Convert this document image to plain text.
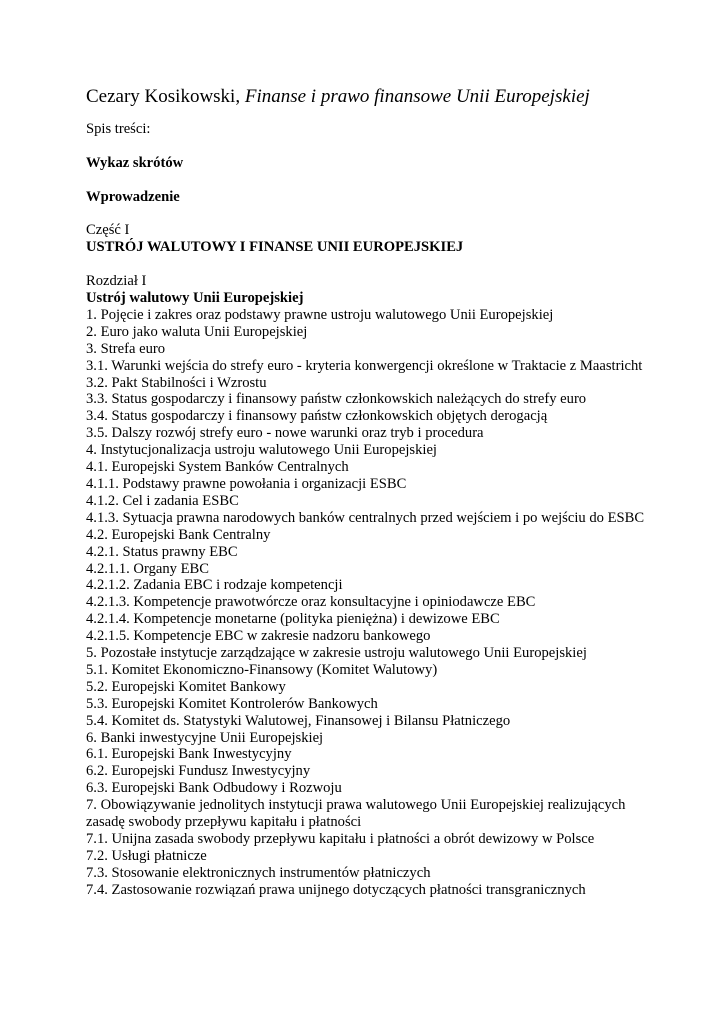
Cezary Kosikowski, Finanse i prawo finansowe Unii Europejskiej
Spis treści:
Wykaz skrótów
Wprowadzenie
Część I
USTRÓJ WALUTOWY I FINANSE UNII EUROPEJSKIEJ
Rozdział I
Ustrój walutowy Unii Europejskiej
1. Pojęcie i zakres oraz podstawy prawne ustroju walutowego Unii Europejskiej
2. Euro jako waluta Unii Europejskiej
3. Strefa euro
3.1. Warunki wejścia do strefy euro - kryteria konwergencji określone w Traktacie z Maastricht
3.2. Pakt Stabilności i Wzrostu
3.3. Status gospodarczy i finansowy państw członkowskich należących do strefy euro
3.4. Status gospodarczy i finansowy państw członkowskich objętych derogacją
3.5. Dalszy rozwój strefy euro - nowe warunki oraz tryb i procedura
4. Instytucjonalizacja ustroju walutowego Unii Europejskiej
4.1. Europejski System Banków Centralnych
4.1.1. Podstawy prawne powołania i organizacji ESBC
4.1.2. Cel i zadania ESBC
4.1.3. Sytuacja prawna narodowych banków centralnych przed wejściem i po wejściu do ESBC
4.2. Europejski Bank Centralny
4.2.1. Status prawny EBC
4.2.1.1. Organy EBC
4.2.1.2. Zadania EBC i rodzaje kompetencji
4.2.1.3. Kompetencje prawotwórcze oraz konsultacyjne i opiniodawcze EBC
4.2.1.4. Kompetencje monetarne (polityka pieniężna) i dewizowe EBC
4.2.1.5. Kompetencje EBC w zakresie nadzoru bankowego
5. Pozostałe instytucje zarządzające w zakresie ustroju walutowego Unii Europejskiej
5.1. Komitet Ekonomiczno-Finansowy (Komitet Walutowy)
5.2. Europejski Komitet Bankowy
5.3. Europejski Komitet Kontrolerów Bankowych
5.4. Komitet ds. Statystyki Walutowej, Finansowej i Bilansu Płatniczego
6. Banki inwestycyjne Unii Europejskiej
6.1. Europejski Bank Inwestycyjny
6.2. Europejski Fundusz Inwestycyjny
6.3. Europejski Bank Odbudowy i Rozwoju
7. Obowiązywanie jednolitych instytucji prawa walutowego Unii Europejskiej realizujących zasadę swobody przepływu kapitału i płatności
7.1. Unijna zasada swobody przepływu kapitału i płatności a obrót dewizowy w Polsce
7.2. Usługi płatnicze
7.3. Stosowanie elektronicznych instrumentów płatniczych
7.4. Zastosowanie rozwiązań prawa unijnego dotyczących płatności transgranicznych
